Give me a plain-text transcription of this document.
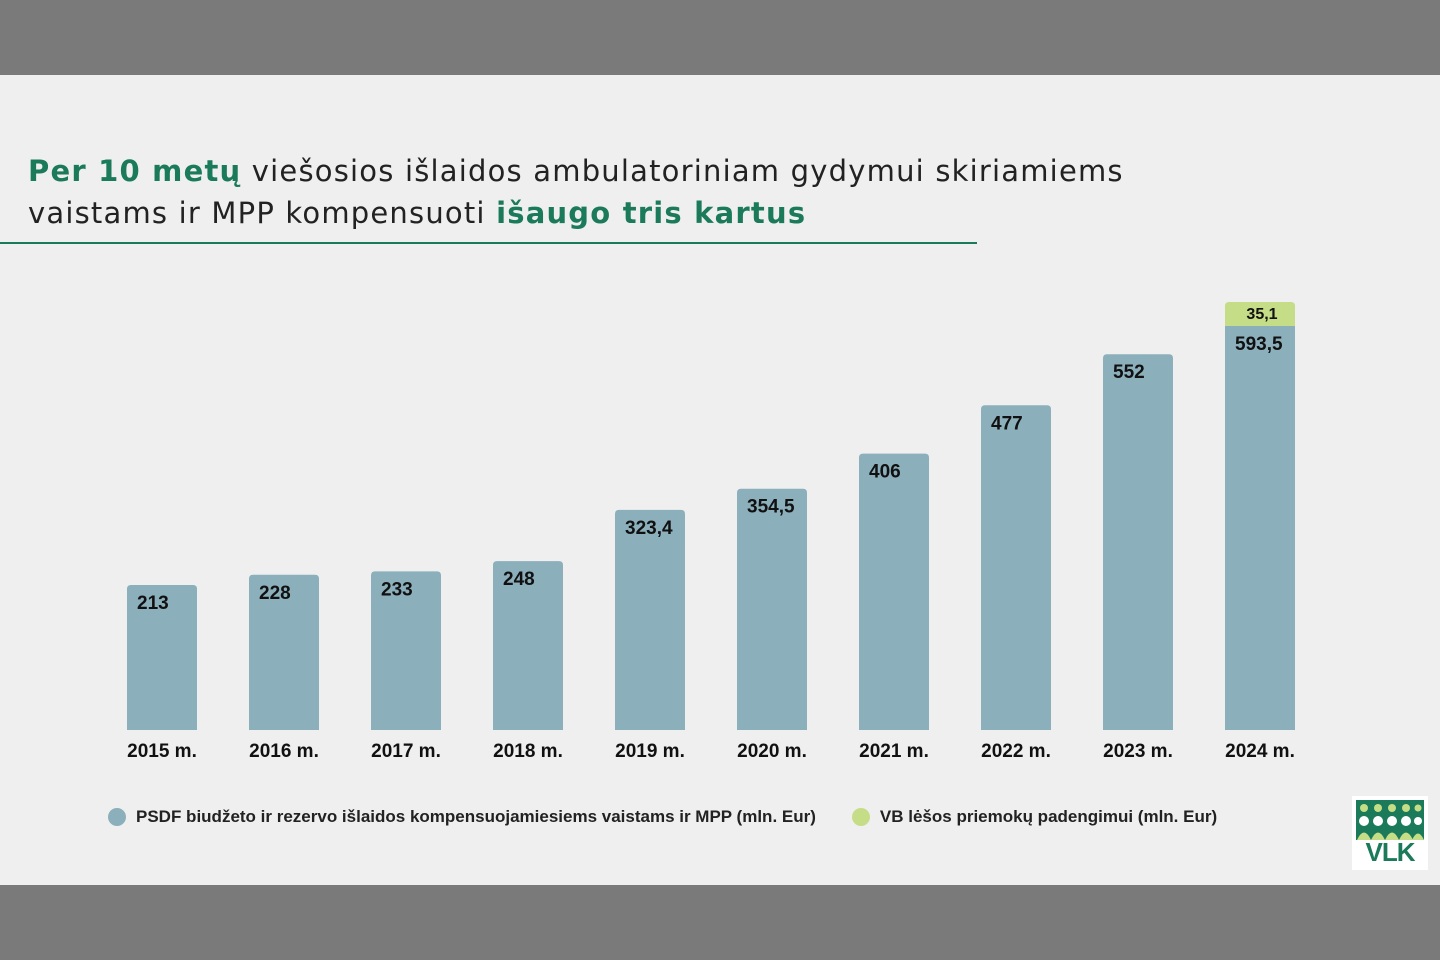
Per 10 metų viešosios išlaidos ambulatoriniam gydymui skiriamiems
vaistams ir MPP kompensuoti išaugo tris kartus
213
2015 m.
228
2016 m.
233
2017 m.
248
2018 m.
323,4
2019 m.
354,5
2020 m.
406
2021 m.
477
2022 m.
552
2023 m.
35,1
593,5
2024 m.
PSDF biudžeto ir rezervo išlaidos kompensuojamiesiems vaistams ir MPP (mln. Eur)	VB lėšos priemokų padengimui (mln. Eur)
VLK
